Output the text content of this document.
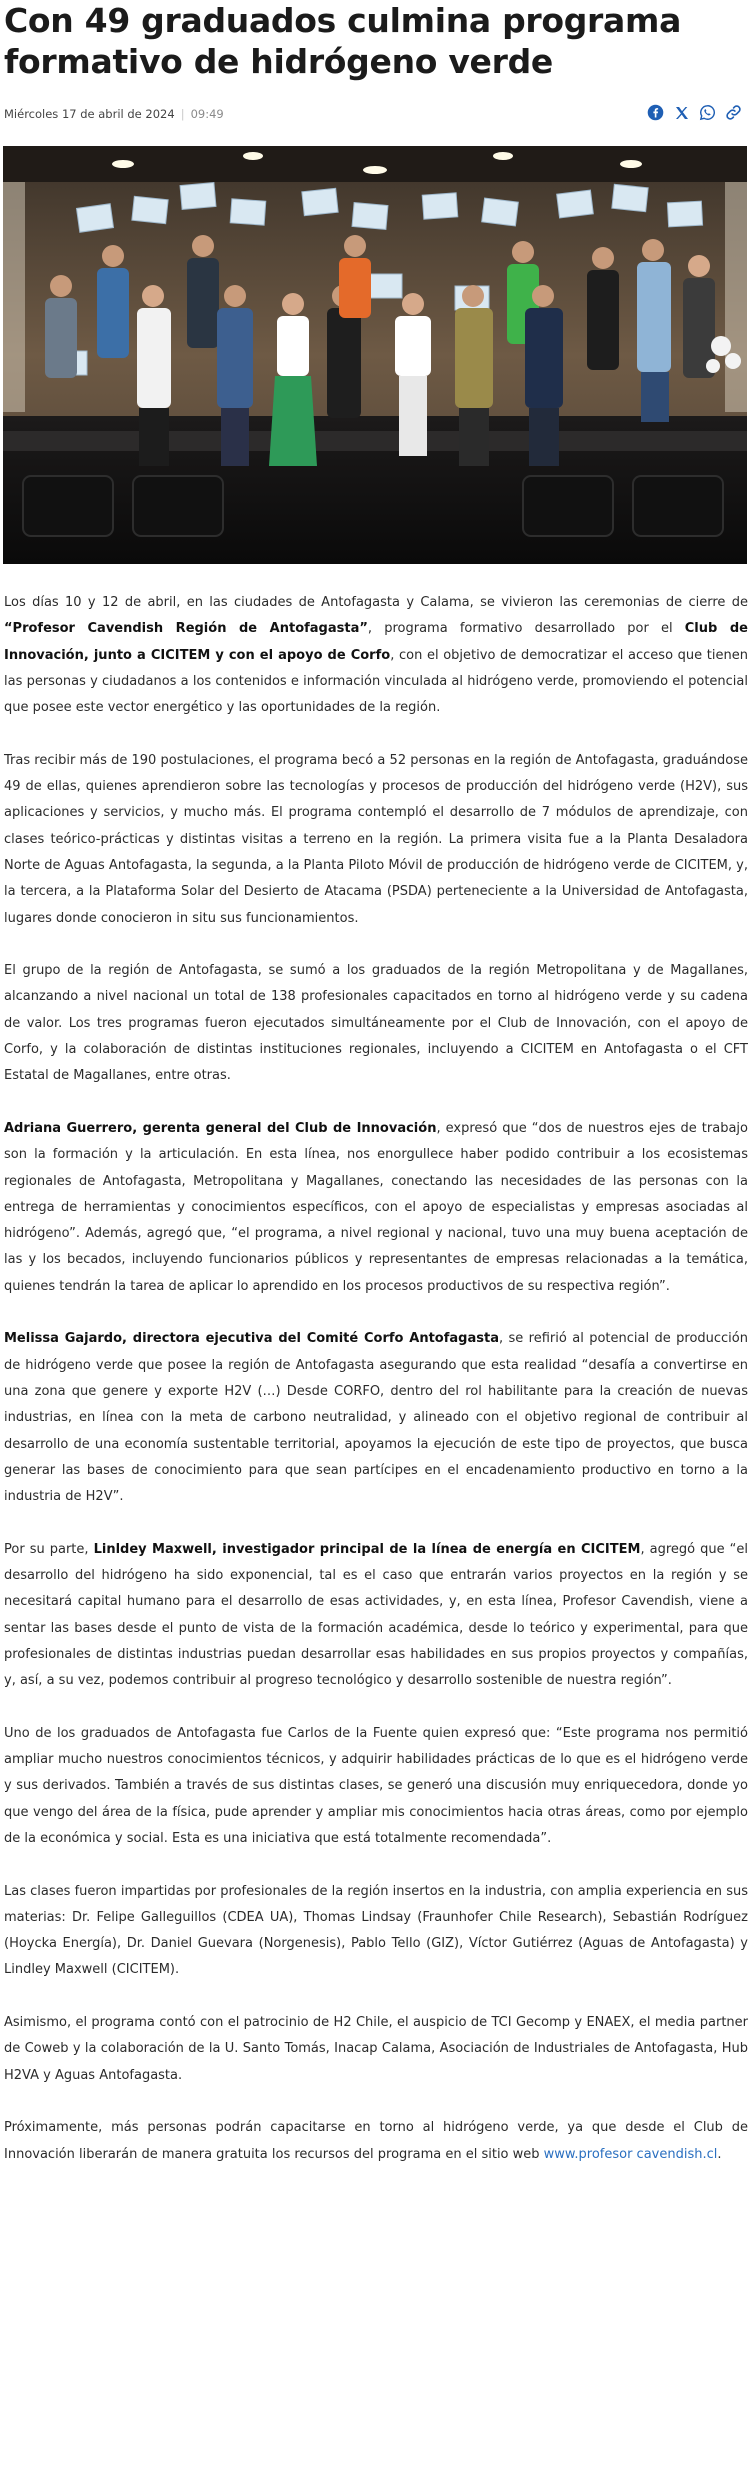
Con 49 graduados culmina programa formativo de hidrógeno verde
Miércoles 17 de abril de 2024 | 09:49

Los días 10 y 12 de abril, en las ciudades de Antofagasta y Calama, se vivieron las ceremonias de cierre de “Profesor Cavendish Región de Antofagasta”, programa formativo desarrollado por el Club de Innovación, junto a CICITEM y con el apoyo de Corfo, con el objetivo de democratizar el acceso que tienen las personas y ciudadanos a los contenidos e información vinculada al hidrógeno verde, promoviendo el potencial que posee este vector energético y las oportunidades de la región.

Tras recibir más de 190 postulaciones, el programa becó a 52 personas en la región de Antofagasta, graduándose 49 de ellas, quienes aprendieron sobre las tecnologías y procesos de producción del hidrógeno verde (H2V), sus aplicaciones y servicios, y mucho más. El programa contempló el desarrollo de 7 módulos de aprendizaje, con clases teórico-prácticas y distintas visitas a terreno en la región. La primera visita fue a la Planta Desaladora Norte de Aguas Antofagasta, la segunda, a la Planta Piloto Móvil de producción de hidrógeno verde de CICITEM, y, la tercera, a la Plataforma Solar del Desierto de Atacama (PSDA) perteneciente a la Universidad de Antofagasta, lugares donde conocieron in situ sus funcionamientos.

El grupo de la región de Antofagasta, se sumó a los graduados de la región Metropolitana y de Magallanes, alcanzando a nivel nacional un total de 138 profesionales capacitados en torno al hidrógeno verde y su cadena de valor. Los tres programas fueron ejecutados simultáneamente por el Club de Innovación, con el apoyo de Corfo, y la colaboración de distintas instituciones regionales, incluyendo a CICITEM en Antofagasta o el CFT Estatal de Magallanes, entre otras.

Adriana Guerrero, gerenta general del Club de Innovación, expresó que “dos de nuestros ejes de trabajo son la formación y la articulación. En esta línea, nos enorgullece haber podido contribuir a los ecosistemas regionales de Antofagasta, Metropolitana y Magallanes, conectando las necesidades de las personas con la entrega de herramientas y conocimientos específicos, con el apoyo de especialistas y empresas asociadas al hidrógeno”. Además, agregó que, “el programa, a nivel regional y nacional, tuvo una muy buena aceptación de las y los becados, incluyendo funcionarios públicos y representantes de empresas relacionadas a la temática, quienes tendrán la tarea de aplicar lo aprendido en los procesos productivos de su respectiva región”.

Melissa Gajardo, directora ejecutiva del Comité Corfo Antofagasta, se refirió al potencial de producción de hidrógeno verde que posee la región de Antofagasta asegurando que esta realidad “desafía a convertirse en una zona que genere y exporte H2V (…) Desde CORFO, dentro del rol habilitante para la creación de nuevas industrias, en línea con la meta de carbono neutralidad, y alineado con el objetivo regional de contribuir al desarrollo de una economía sustentable territorial, apoyamos la ejecución de este tipo de proyectos, que busca generar las bases de conocimiento para que sean partícipes en el encadenamiento productivo en torno a la industria de H2V”.

Por su parte, Linldey Maxwell, investigador principal de la línea de energía en CICITEM, agregó que “el desarrollo del hidrógeno ha sido exponencial, tal es el caso que entrarán varios proyectos en la región y se necesitará capital humano para el desarrollo de esas actividades, y, en esta línea, Profesor Cavendish, viene a sentar las bases desde el punto de vista de la formación académica, desde lo teórico y experimental, para que profesionales de distintas industrias puedan desarrollar esas habilidades en sus propios proyectos y compañías, y, así, a su vez, podemos contribuir al progreso tecnológico y desarrollo sostenible de nuestra región”.

Uno de los graduados de Antofagasta fue Carlos de la Fuente quien expresó que: “Este programa nos permitió ampliar mucho nuestros conocimientos técnicos, y adquirir habilidades prácticas de lo que es el hidrógeno verde y sus derivados. También a través de sus distintas clases, se generó una discusión muy enriquecedora, donde yo que vengo del área de la física, pude aprender y ampliar mis conocimientos hacia otras áreas, como por ejemplo de la económica y social. Esta es una iniciativa que está totalmente recomendada”.

Las clases fueron impartidas por profesionales de la región insertos en la industria, con amplia experiencia en sus materias: Dr. Felipe Galleguillos (CDEA UA), Thomas Lindsay (Fraunhofer Chile Research), Sebastián Rodríguez (Hoycka Energía), Dr. Daniel Guevara (Norgenesis), Pablo Tello (GIZ), Víctor Gutiérrez (Aguas de Antofagasta) y Lindley Maxwell (CICITEM).

Asimismo, el programa contó con el patrocinio de H2 Chile, el auspicio de TCI Gecomp y ENAEX, el media partner de Coweb y la colaboración de la U. Santo Tomás, Inacap Calama, Asociación de Industriales de Antofagasta, Hub H2VA y Aguas Antofagasta.

Próximamente, más personas podrán capacitarse en torno al hidrógeno verde, ya que desde el Club de Innovación liberarán de manera gratuita los recursos del programa en el sitio web www.profesor cavendish.cl.
